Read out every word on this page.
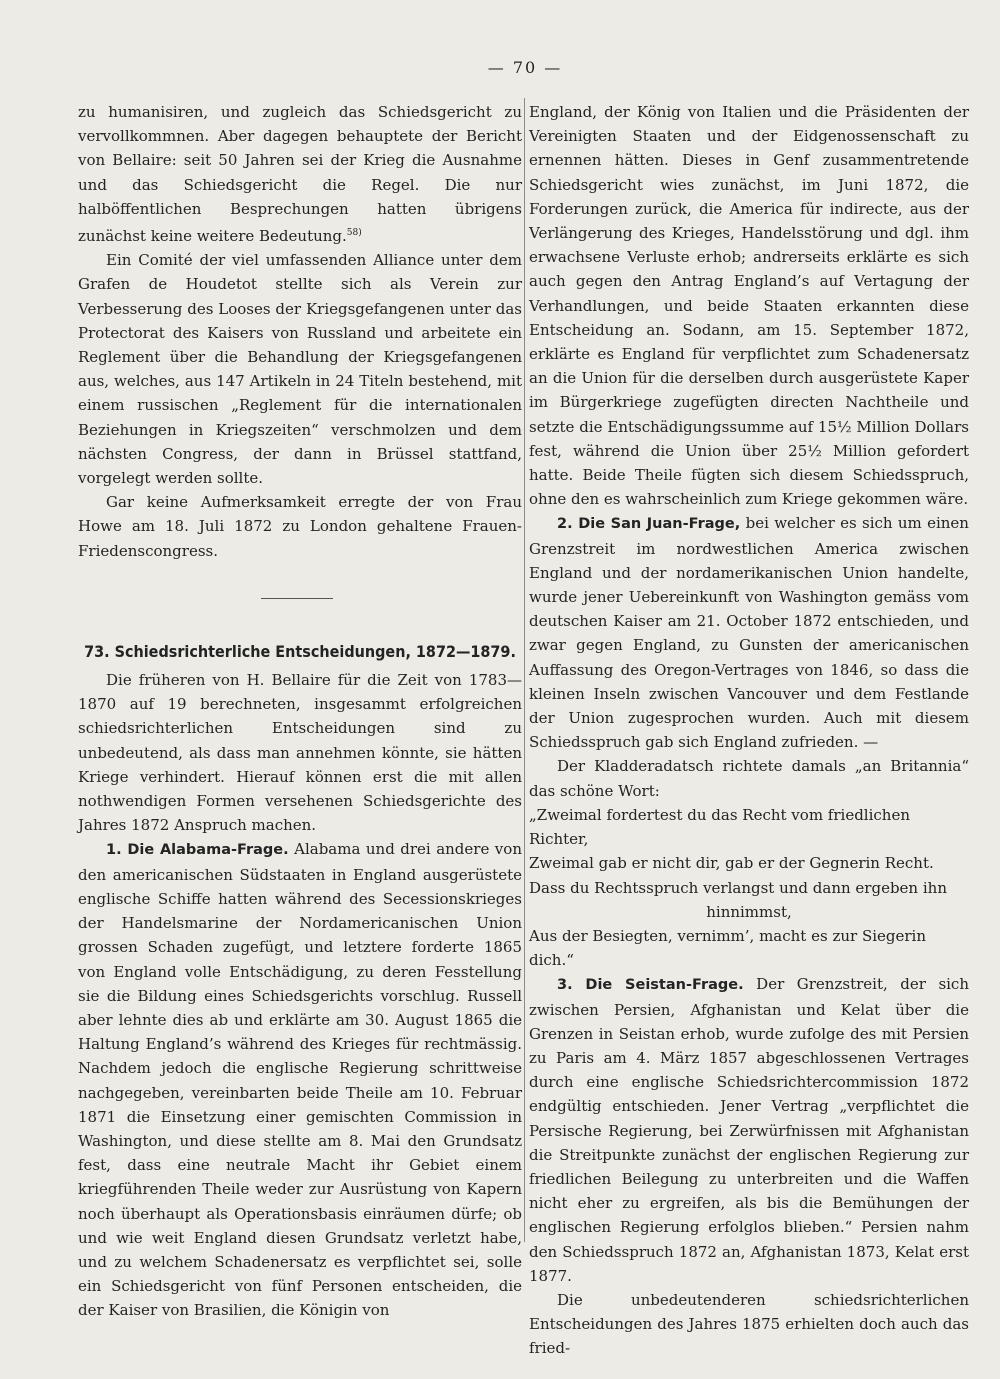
— 70 —

zu humanisiren, und zugleich das Schiedsgericht zu vervollkommnen. Aber dagegen behauptete der Bericht von Bellaire: seit 50 Jahren sei der Krieg die Ausnahme und das Schiedsgericht die Regel. Die nur halböffentlichen Besprechungen hatten übrigens zunächst keine weitere Bedeutung.$^{58)}$

Ein Comité der viel umfassenden Alliance unter dem Grafen de Houdetot stellte sich als Verein zur Verbesserung des Looses der Kriegsgefangenen unter das Protectorat des Kaisers von Russland und arbeitete ein Reglement über die Behandlung der Kriegsgefangenen aus, welches, aus 147 Artikeln in 24 Titeln bestehend, mit einem russischen „Reglement für die internationalen Beziehungen in Kriegszeiten“ verschmolzen und dem nächsten Congress, der dann in Brüssel stattfand, vorgelegt werden sollte.

Gar keine Aufmerksamkeit erregte der von Frau Howe am 18. Juli 1872 zu London gehaltene Frauen-Friedenscongress.

73. Schiedsrichterliche Entscheidungen, 1872—1879.

Die früheren von H. Bellaire für die Zeit von 1783—1870 auf 19 berechneten, insgesammt erfolgreichen schiedsrichterlichen Entscheidungen sind zu unbedeutend, als dass man annehmen könnte, sie hätten Kriege verhindert. Hierauf können erst die mit allen nothwendigen Formen versehenen Schiedsgerichte des Jahres 1872 Anspruch machen.

1. Die Alabama-Frage. Alabama und drei andere von den americanischen Südstaaten in England ausgerüstete englische Schiffe hatten während des Secessionskrieges der Handelsmarine der Nordamericanischen Union grossen Schaden zugefügt, und letztere forderte 1865 von England volle Entschädigung, zu deren Fesstellung sie die Bildung eines Schiedsgerichts vorschlug. Russell aber lehnte dies ab und erklärte am 30. August 1865 die Haltung England’s während des Krieges für rechtmässig. Nachdem jedoch die englische Regierung schrittweise nachgegeben, vereinbarten beide Theile am 10. Februar 1871 die Einsetzung einer gemischten Commission in Washington, und diese stellte am 8. Mai den Grundsatz fest, dass eine neutrale Macht ihr Gebiet einem kriegführenden Theile weder zur Ausrüstung von Kapern noch überhaupt als Operationsbasis einräumen dürfe; ob und wie weit England diesen Grundsatz verletzt habe, und zu welchem Schadenersatz es verpflichtet sei, solle ein Schiedsgericht von fünf Personen entscheiden, die der Kaiser von Brasilien, die Königin von

England, der König von Italien und die Präsidenten der Vereinigten Staaten und der Eidgenossenschaft zu ernennen hätten. Dieses in Genf zusammentretende Schiedsgericht wies zunächst, im Juni 1872, die Forderungen zurück, die America für indirecte, aus der Verlängerung des Krieges, Handelsstörung und dgl. ihm erwachsene Verluste erhob; andrerseits erklärte es sich auch gegen den Antrag England’s auf Vertagung der Verhandlungen, und beide Staaten erkannten diese Entscheidung an. Sodann, am 15. September 1872, erklärte es England für verpflichtet zum Schadenersatz an die Union für die derselben durch ausgerüstete Kaper im Bürgerkriege zugefügten directen Nachtheile und setzte die Entschädigungssumme auf 15½ Million Dollars fest, während die Union über 25½ Million gefordert hatte. Beide Theile fügten sich diesem Schiedsspruch, ohne den es wahrscheinlich zum Kriege gekommen wäre.

2. Die San Juan-Frage, bei welcher es sich um einen Grenzstreit im nordwestlichen America zwischen England und der nordamerikanischen Union handelte, wurde jener Uebereinkunft von Washington gemäss vom deutschen Kaiser am 21. October 1872 entschieden, und zwar gegen England, zu Gunsten der americanischen Auffassung des Oregon-Vertrages von 1846, so dass die kleinen Inseln zwischen Vancouver und dem Festlande der Union zugesprochen wurden. Auch mit diesem Schiedsspruch gab sich England zufrieden. —

Der Kladderadatsch richtete damals „an Britannia“ das schöne Wort:

„Zweimal fordertest du das Recht vom friedlichen Richter,

Zweimal gab er nicht dir, gab er der Gegnerin Recht.

Dass du Rechtsspruch verlangst und dann ergeben ihn

hinnimmst,

Aus der Besiegten, vernimm’, macht es zur Siegerin dich.“

3. Die Seistan-Frage. Der Grenzstreit, der sich zwischen Persien, Afghanistan und Kelat über die Grenzen in Seistan erhob, wurde zufolge des mit Persien zu Paris am 4. März 1857 abgeschlossenen Vertrages durch eine englische Schiedsrichtercommission 1872 endgültig entschieden. Jener Vertrag „verpflichtet die Persische Regierung, bei Zerwürfnissen mit Afghanistan die Streitpunkte zunächst der englischen Regierung zur friedlichen Beilegung zu unterbreiten und die Waffen nicht eher zu ergreifen, als bis die Bemühungen der englischen Regierung erfolglos blieben.“ Persien nahm den Schiedsspruch 1872 an, Afghanistan 1873, Kelat erst 1877.

Die unbedeutenderen schiedsrichterlichen Entscheidungen des Jahres 1875 erhielten doch auch das fried-
